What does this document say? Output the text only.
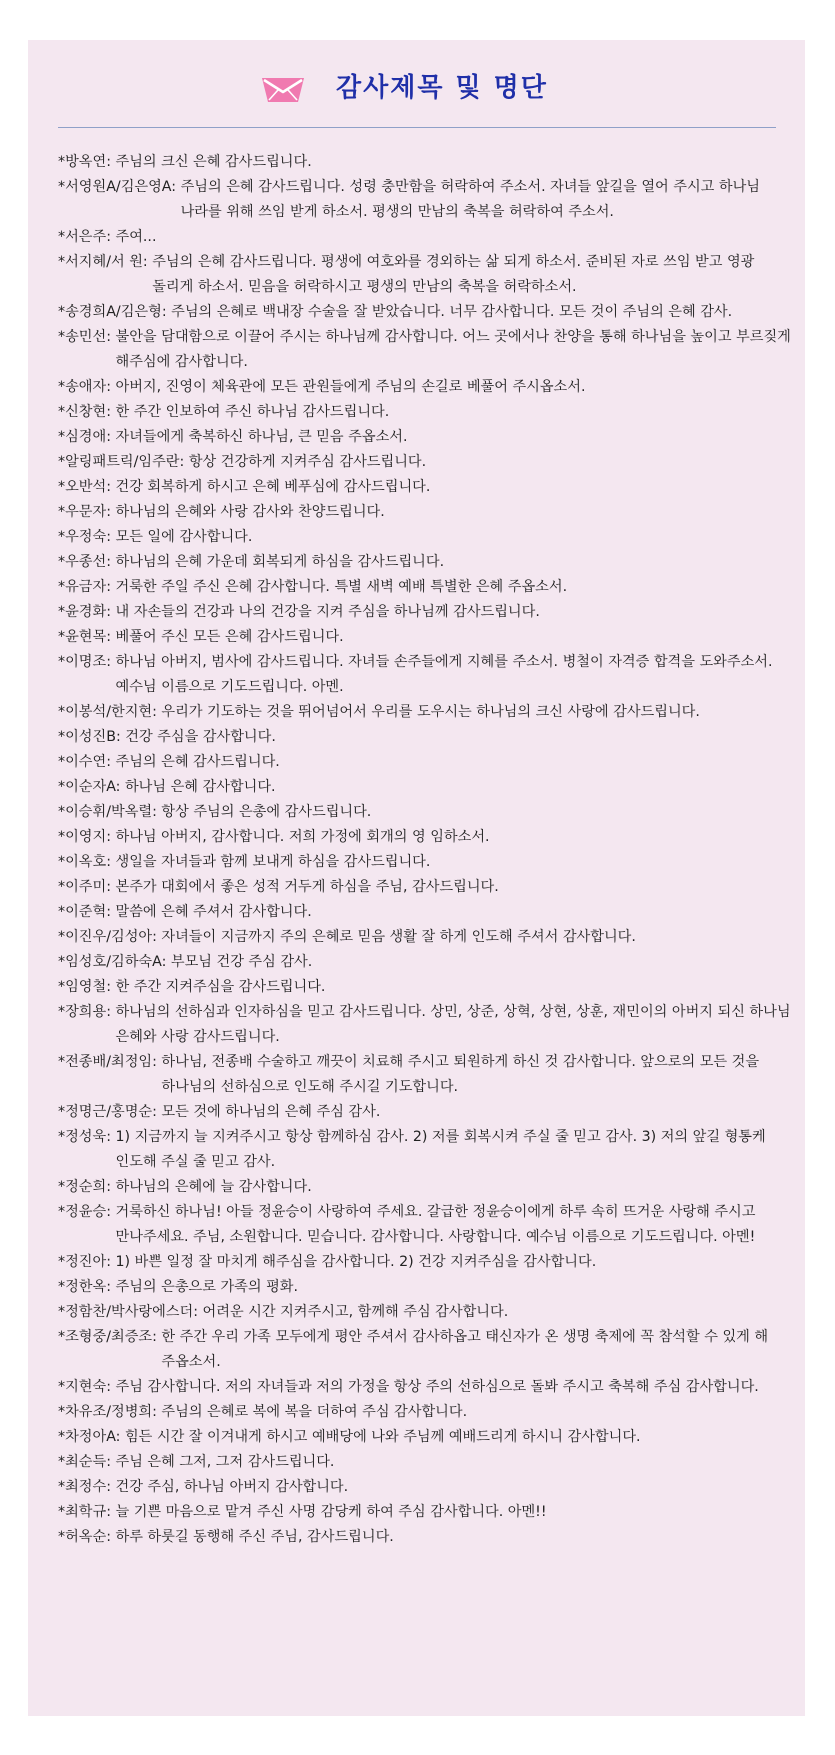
감사제목 및 명단
* 방옥연 : 주님의 크신 은혜 감사드립니다.
* 서영원A/김은영A : 주님의 은혜 감사드립니다. 성령 충만함을 허락하여 주소서. 자녀들 앞길을 열어 주시고 하나님 나라를 위해 쓰임 받게 하소서. 평생의 만남의 축복을 허락하여 주소서.
* 서은주 : 주여...
* 서지혜/서 원 : 주님의 은혜 감사드립니다. 평생에 여호와를 경외하는 삶 되게 하소서. 준비된 자로 쓰임 받고 영광 돌리게 하소서. 믿음을 허락하시고 평생의 만남의 축복을 허락하소서.
* 송경희A/김은형 : 주님의 은혜로 백내장 수술을 잘 받았습니다. 너무 감사합니다. 모든 것이 주님의 은혜 감사.
* 송민선 : 불안을 담대함으로 이끌어 주시는 하나님께 감사합니다. 어느 곳에서나 찬양을 통해 하나님을 높이고 부르짖게 해주심에 감사합니다.
* 송애자 : 아버지, 진영이 체육관에 모든 관원들에게 주님의 손길로 베풀어 주시옵소서.
* 신창현 : 한 주간 인보하여 주신 하나님 감사드립니다.
* 심경애 : 자녀들에게 축복하신 하나님, 큰 믿음 주옵소서.
* 알링패트릭/임주란 : 항상 건강하게 지켜주심 감사드립니다.
* 오반석 : 건강 회복하게 하시고 은혜 베푸심에 감사드립니다.
* 우문자 : 하나님의 은혜와 사랑 감사와 찬양드립니다.
* 우정숙 : 모든 일에 감사합니다.
* 우종선 : 하나님의 은혜 가운데 회복되게 하심을 감사드립니다.
* 유금자 : 거룩한 주일 주신 은혜 감사합니다. 특별 새벽 예배 특별한 은혜 주옵소서.
* 윤경화 : 내 자손들의 건강과 나의 건강을 지켜 주심을 하나님께 감사드립니다.
* 윤현목 : 베풀어 주신 모든 은혜 감사드립니다.
* 이명조 : 하나님 아버지, 범사에 감사드립니다. 자녀들 손주들에게 지혜를 주소서. 병철이 자격증 합격을 도와주소서. 예수님 이름으로 기도드립니다. 아멘.
* 이봉석/한지현 : 우리가 기도하는 것을 뛰어넘어서 우리를 도우시는 하나님의 크신 사랑에 감사드립니다.
* 이성진B : 건강 주심을 감사합니다.
* 이수연 : 주님의 은혜 감사드립니다.
* 이순자A : 하나님 은혜 감사합니다.
* 이승휘/박옥렬 : 항상 주님의 은총에 감사드립니다.
* 이영지 : 하나님 아버지, 감사합니다. 저희 가정에 회개의 영 임하소서.
* 이옥호 : 생일을 자녀들과 함께 보내게 하심을 감사드립니다.
* 이주미 : 본주가 대회에서 좋은 성적 거두게 하심을 주님, 감사드립니다.
* 이준혁 : 말씀에 은혜 주셔서 감사합니다.
* 이진우/김성아 : 자녀들이 지금까지 주의 은혜로 믿음 생활 잘 하게 인도해 주셔서 감사합니다.
* 임성호/김하숙A : 부모님 건강 주심 감사.
* 임영철 : 한 주간 지켜주심을 감사드립니다.
* 장희용 : 하나님의 선하심과 인자하심을 믿고 감사드립니다. 상민, 상준, 상혁, 상현, 상훈, 재민이의 아버지 되신 하나님 은혜와 사랑 감사드립니다.
* 전종배/최정임 : 하나님, 전종배 수술하고 깨끗이 치료해 주시고 퇴원하게 하신 것 감사합니다. 앞으로의 모든 것을 하나님의 선하심으로 인도해 주시길 기도합니다.
* 정명근/홍명순 : 모든 것에 하나님의 은혜 주심 감사.
* 정성욱 : 1) 지금까지 늘 지켜주시고 항상 함께하심 감사. 2) 저를 회복시켜 주실 줄 믿고 감사. 3) 저의 앞길 형통케 인도해 주실 줄 믿고 감사.
* 정순희 : 하나님의 은혜에 늘 감사합니다.
* 정윤승 : 거룩하신 하나님! 아들 정윤승이 사랑하여 주세요. 갈급한 정윤승이에게 하루 속히 뜨거운 사랑해 주시고 만나주세요. 주님, 소원합니다. 믿습니다. 감사합니다. 사랑합니다. 예수님 이름으로 기도드립니다. 아멘!
* 정진아 : 1) 바쁜 일정 잘 마치게 해주심을 감사합니다. 2) 건강 지켜주심을 감사합니다.
* 정한옥 : 주님의 은총으로 가족의 평화.
* 정함찬/박사랑에스더 : 어려운 시간 지켜주시고, 함께해 주심 감사합니다.
* 조형중/최증조 : 한 주간 우리 가족 모두에게 평안 주셔서 감사하옵고 태신자가 온 생명 축제에 꼭 참석할 수 있게 해 주옵소서.
* 지현숙 : 주님 감사합니다. 저의 자녀들과 저의 가정을 항상 주의 선하심으로 돌봐 주시고 축복해 주심 감사합니다.
* 차유조/정병희 : 주님의 은혜로 복에 복을 더하여 주심 감사합니다.
* 차정아A : 힘든 시간 잘 이겨내게 하시고 예배당에 나와 주님께 예배드리게 하시니 감사합니다.
* 최순득 : 주님 은혜 그저, 그저 감사드립니다.
* 최정수 : 건강 주심, 하나님 아버지 감사합니다.
* 최학규 : 늘 기쁜 마음으로 맡겨 주신 사명 감당케 하여 주심 감사합니다. 아멘!!
* 허옥순 : 하루 하룻길 동행해 주신 주님, 감사드립니다.
